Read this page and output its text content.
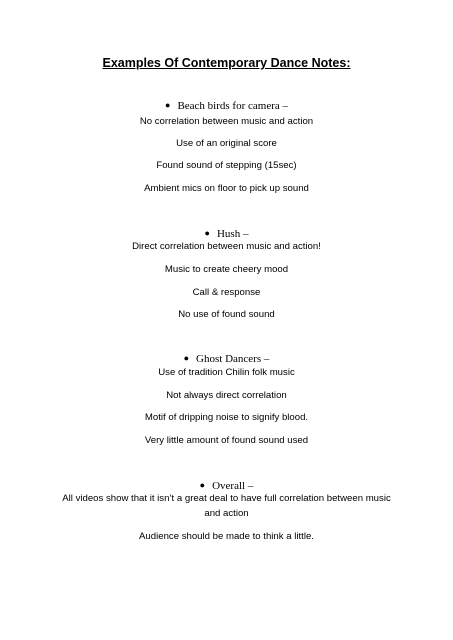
Examples Of Contemporary Dance Notes:
● Beach birds for camera –
No correlation between music and action
Use of an original score
Found sound of stepping (15sec)
Ambient mics on floor to pick up sound
● Hush –
Direct correlation between music and action!
Music to create cheery mood
Call & response
No use of found sound
● Ghost Dancers –
Use of tradition Chilin folk music
Not always direct correlation
Motif of dripping noise to signify blood.
Very little amount of found sound used
● Overall –
All videos show that it isn’t a great deal to have full correlation between music
and action
Audience should be made to think a little.
